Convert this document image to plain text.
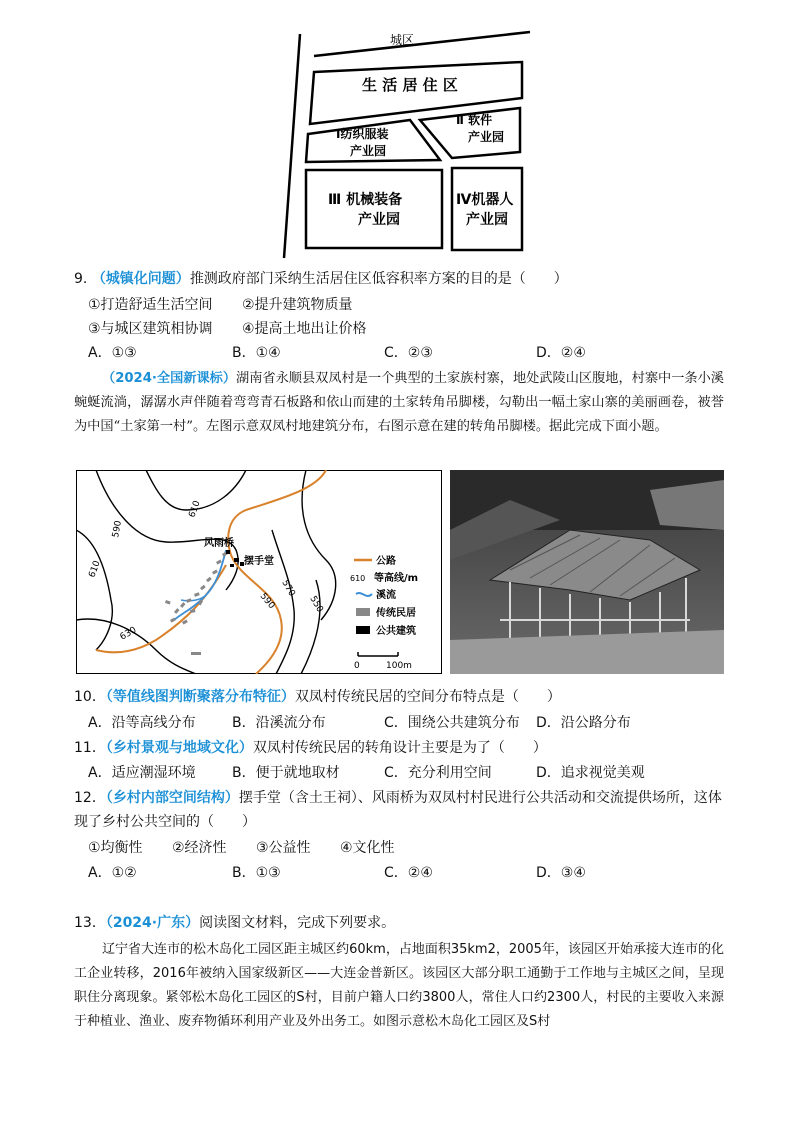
城区
生 活 居 住 区
Ⅰ纺织服装
产业园
Ⅱ 软件
产业园
Ⅲ 机械装备
产业园
Ⅳ机器人
产业园
9. （城镇化问题）推测政府部门采纳生活居住区低容积率方案的目的是（　　）
①打造舒适生活空间 ②提升建筑物质量
③与城区建筑相协调 ④提高土地出让价格
A．①③	B．①④	C．②③	D．②④
（2024·全国新课标）湖南省永顺县双凤村是一个典型的土家族村寨，地处武陵山区腹地，村寨中一条小溪蜿蜒流淌，潺潺水声伴随着弯弯青石板路和依山而建的土家转角吊脚楼，勾勒出一幅土家山寨的美丽画卷，被誉为中国“土家第一村”。左图示意双凤村地建筑分布，右图示意在建的转角吊脚楼。据此完成下面小题。
610
590
610
590
570
550
630
风雨桥
摆手堂	公路
610 等高线/m
溪流
传统民居
公共建筑
0	100m
10．（等值线图判断聚落分布特征）双凤村传统民居的空间分布特点是（　　）
A．沿等高线分布	B．沿溪流分布	C．围绕公共建筑分布 D．沿公路分布
11．（乡村景观与地域文化）双凤村传统民居的转角设计主要是为了（　　）
A．适应潮湿环境	B．便于就地取材	C．充分利用空间	D．追求视觉美观
12．（乡村内部空间结构）摆手堂（含土王祠）、风雨桥为双凤村村民进行公共活动和交流提供场所，这体
现了乡村公共空间的（　　）
①均衡性 ②经济性 ③公益性 ④文化性
A．①②	B．①③	C．②④	D．③④
13．（2024·广东）阅读图文材料，完成下列要求。
辽宁省大连市的松木岛化工园区距主城区约60km，占地面积35km2，2005年，该园区开始承接大连市的化工企业转移，2016年被纳入国家级新区——大连金普新区。该园区大部分职工通勤于工作地与主城区之间，呈现职住分离现象。紧邻松木岛化工园区的S村，目前户籍人口约3800人，常住人口约2300人，村民的主要收入来源于种植业、渔业、废弃物循环利用产业及外出务工。如图示意松木岛化工园区及S村
